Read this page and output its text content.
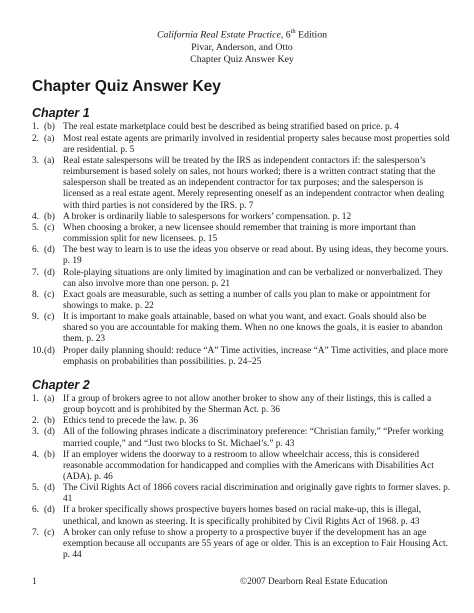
California Real Estate Practice, 6th Edition
Pivar, Anderson, and Otto
Chapter Quiz Answer Key
Chapter Quiz Answer Key
Chapter 1
1. (b) The real estate marketplace could best be described as being stratified based on price. p. 4
2. (a) Most real estate agents are primarily involved in residential property sales because most properties sold are residential. p. 5
3. (a) Real estate salespersons will be treated by the IRS as independent contactors if: the salesperson’s reimbursement is based solely on sales, not hours worked; there is a written contract stating that the salesperson shall be treated as an independent contractor for tax purposes; and the salesperson is licensed as a real estate agent. Merely representing oneself as an independent contractor when dealing with third parties is not considered by the IRS. p. 7
4. (b) A broker is ordinarily liable to salespersons for workers’ compensation. p. 12
5. (c) When choosing a broker, a new licensee should remember that training is more important than commission split for new licensees. p. 15
6. (d) The best way to learn is to use the ideas you observe or read about. By using ideas, they become yours. p. 19
7. (d) Role-playing situations are only limited by imagination and can be verbalized or nonverbalized. They can also involve more than one person. p. 21
8. (c) Exact goals are measurable, such as setting a number of calls you plan to make or appointment for showings to make. p. 22
9. (c) It is important to make goals attainable, based on what you want, and exact. Goals should also be shared so you are accountable for making them. When no one knows the goals, it is easier to abandon them. p. 23
10. (d) Proper daily planning should: reduce “A” Time activities, increase “A” Time activities, and place more emphasis on probabilities than possibilities. p. 24–25
Chapter 2
1. (a) If a group of brokers agree to not allow another broker to show any of their listings, this is called a group boycott and is prohibited by the Sherman Act. p. 36
2. (b) Ethics tend to precede the law. p. 36
3. (d) All of the following phrases indicate a discriminatory preference: “Christian family,” “Prefer working married couple,” and “Just two blocks to St. Michael’s.” p. 43
4. (b) If an employer widens the doorway to a restroom to allow wheelchair access, this is considered reasonable accommodation for handicapped and complies with the Americans with Disabilities Act (ADA). p. 46
5. (d) The Civil Rights Act of 1866 covers racial discrimination and originally gave rights to former slaves. p. 41
6. (d) If a broker specifically shows prospective buyers homes based on racial make-up, this is illegal, unethical, and known as steering. It is specifically prohibited by Civil Rights Act of 1968. p. 43
7. (c) A broker can only refuse to show a property to a prospective buyer if the development has an age exemption because all occupants are 55 years of age or older. This is an exception to Fair Housing Act. p. 44
1	©2007 Dearborn Real Estate Education
